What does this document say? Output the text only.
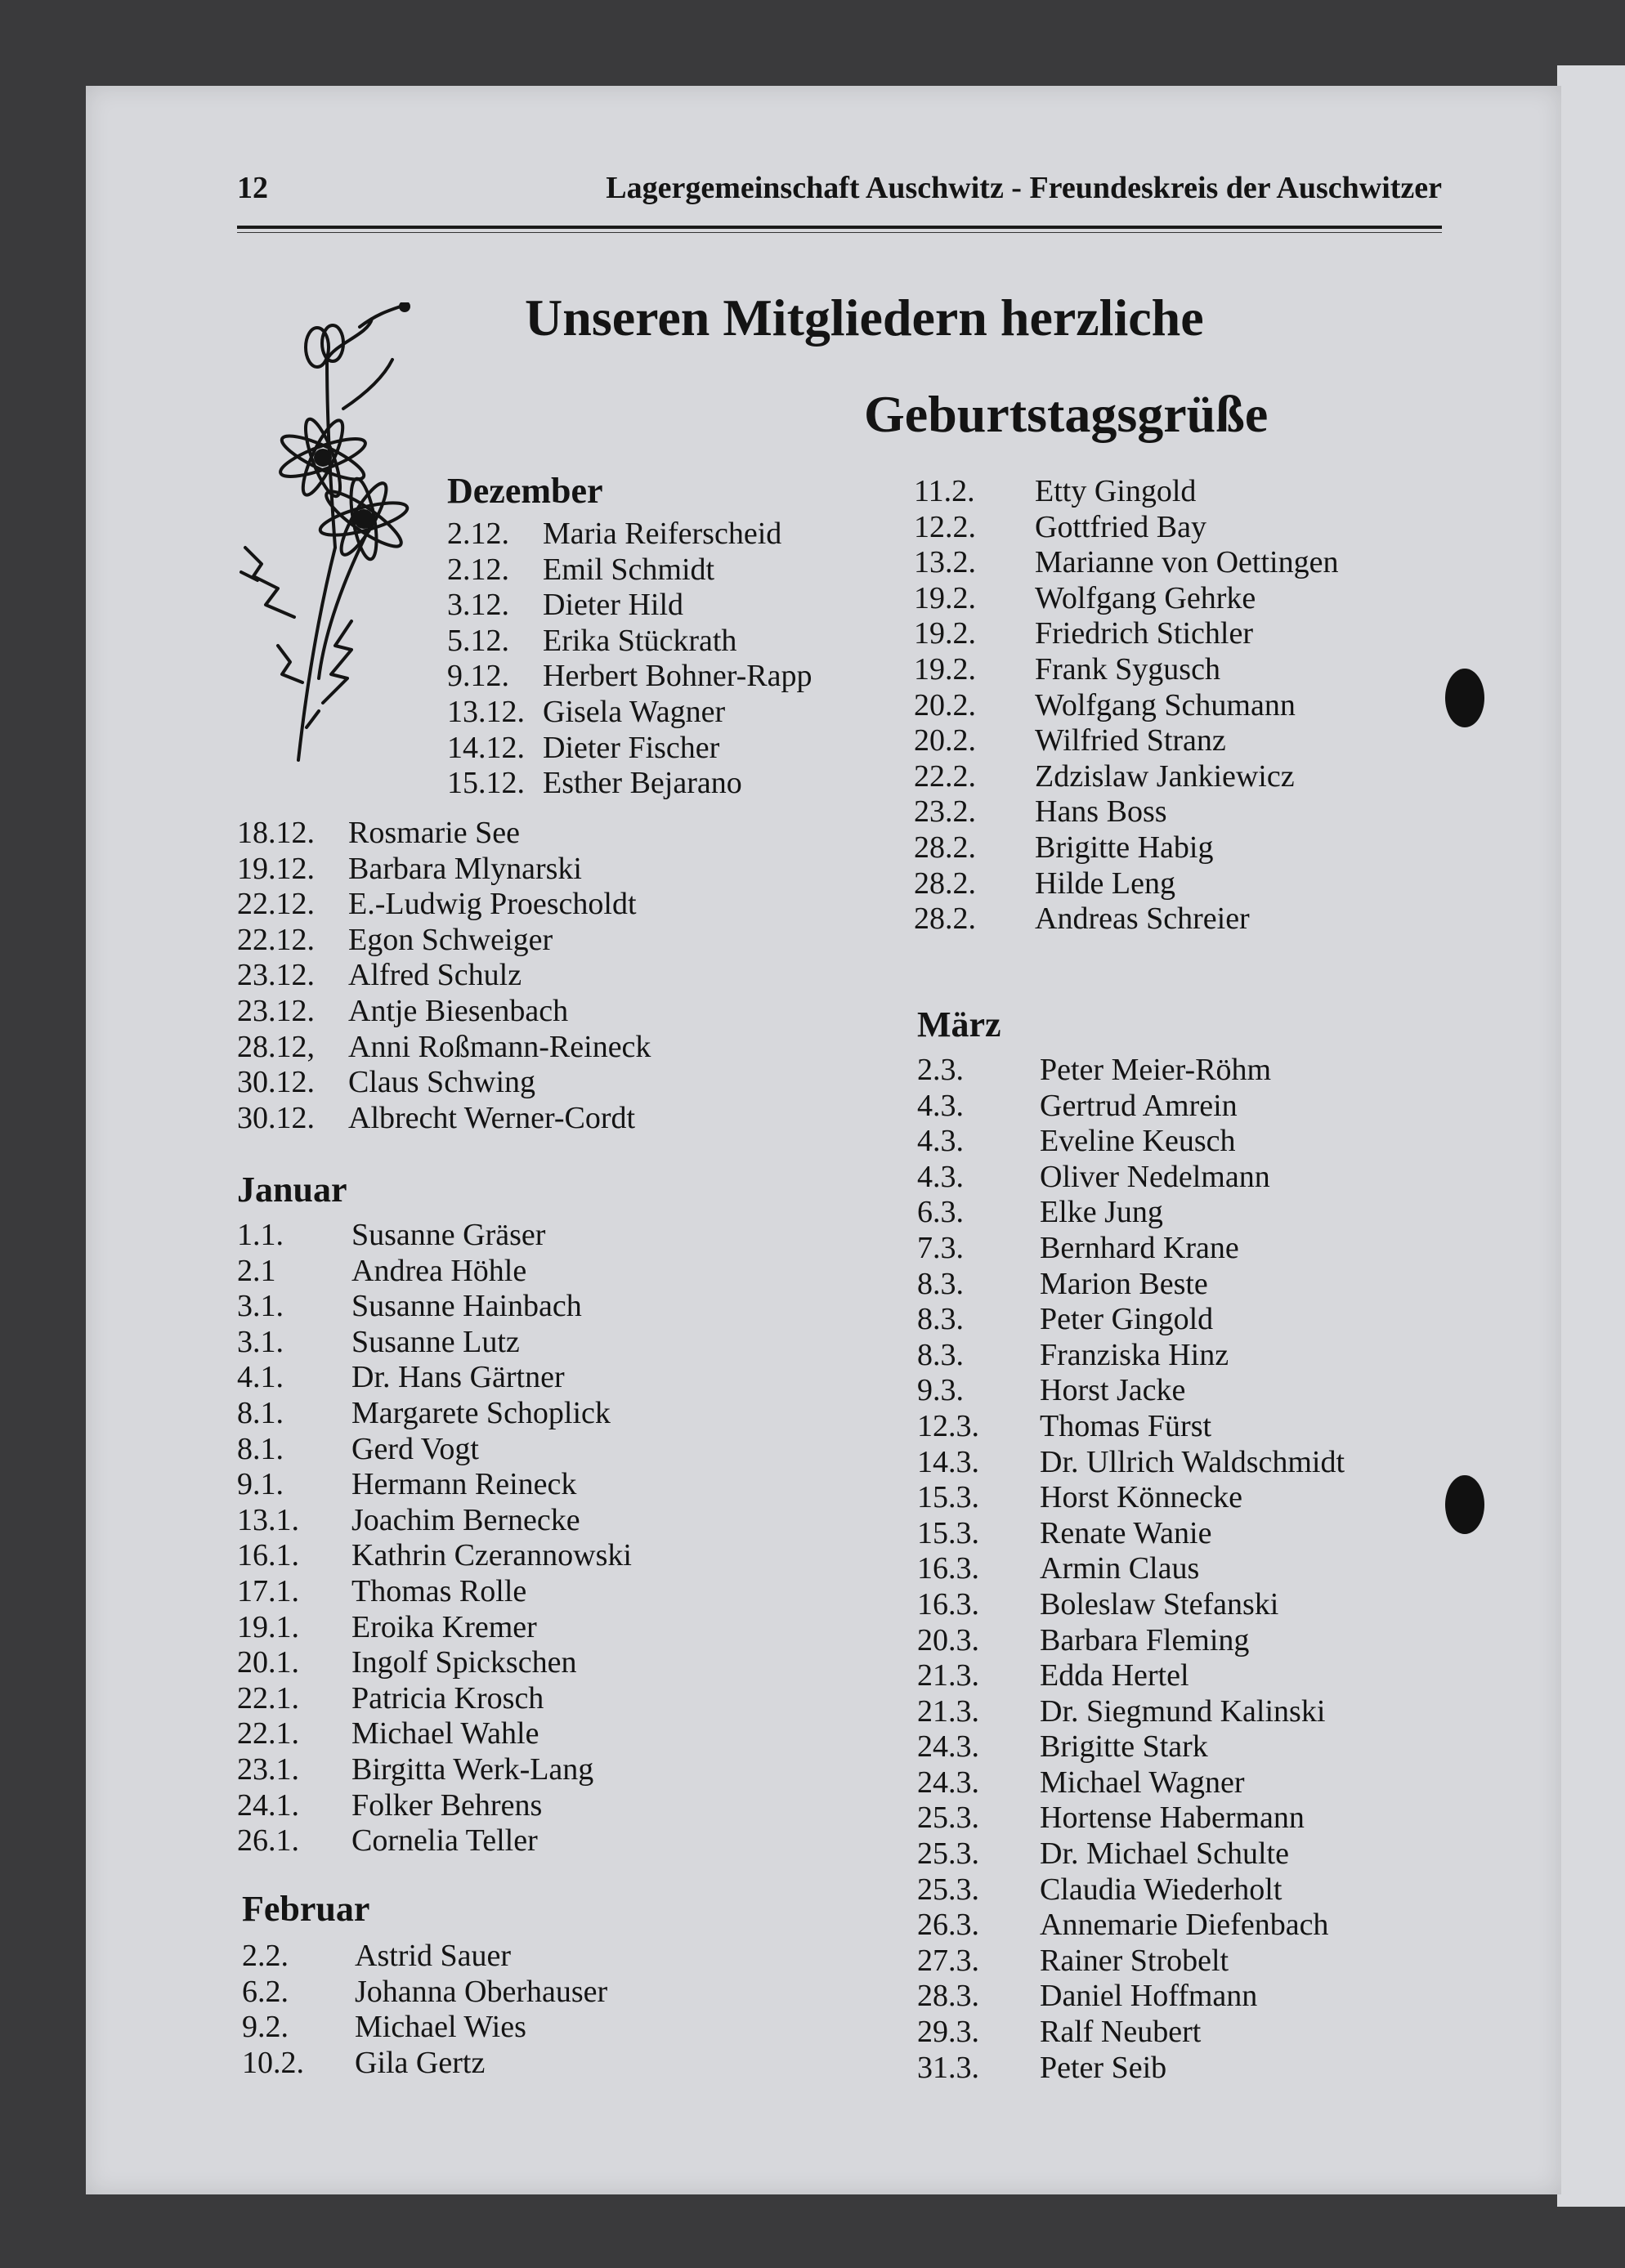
12	Lagergemeinschaft Auschwitz - Freundeskreis der Auschwitzer
Unseren Mitgliedern herzliche
Geburtstagsgrüße
Dezember
2.12. Maria Reiferscheid
2.12. Emil Schmidt
3.12. Dieter Hild
5.12. Erika Stückrath
9.12. Herbert Bohner-Rapp
13.12. Gisela Wagner
14.12. Dieter Fischer
15.12. Esther Bejarano
18.12. Rosmarie See
19.12. Barbara Mlynarski
22.12. E.-Ludwig Proescholdt
22.12. Egon Schweiger
23.12. Alfred Schulz
23.12. Antje Biesenbach
28.12, Anni Roßmann-Reineck
30.12. Claus Schwing
30.12. Albrecht Werner-Cordt
Januar
1.1. Susanne Gräser
2.1 Andrea Höhle
3.1. Susanne Hainbach
3.1. Susanne Lutz
4.1. Dr. Hans Gärtner
8.1. Margarete Schoplick
8.1. Gerd Vogt
9.1. Hermann Reineck
13.1. Joachim Bernecke
16.1. Kathrin Czerannowski
17.1. Thomas Rolle
19.1. Eroika Kremer
20.1. Ingolf Spickschen
22.1. Patricia Krosch
22.1. Michael Wahle
23.1. Birgitta Werk-Lang
24.1. Folker Behrens
26.1. Cornelia Teller
Februar
2.2. Astrid Sauer
6.2. Johanna Oberhauser
9.2. Michael Wies
10.2. Gila Gertz
11.2. Etty Gingold
12.2. Gottfried Bay
13.2. Marianne von Oettingen
19.2. Wolfgang Gehrke
19.2. Friedrich Stichler
19.2. Frank Sygusch
20.2. Wolfgang Schumann
20.2. Wilfried Stranz
22.2. Zdzislaw Jankiewicz
23.2. Hans Boss
28.2. Brigitte Habig
28.2. Hilde Leng
28.2. Andreas Schreier
März
2.3. Peter Meier-Röhm
4.3. Gertrud Amrein
4.3. Eveline Keusch
4.3. Oliver Nedelmann
6.3. Elke Jung
7.3. Bernhard Krane
8.3. Marion Beste
8.3. Peter Gingold
8.3. Franziska Hinz
9.3. Horst Jacke
12.3. Thomas Fürst
14.3. Dr. Ullrich Waldschmidt
15.3. Horst Könnecke
15.3. Renate Wanie
16.3. Armin Claus
16.3. Boleslaw Stefanski
20.3. Barbara Fleming
21.3. Edda Hertel
21.3. Dr. Siegmund Kalinski
24.3. Brigitte Stark
24.3. Michael Wagner
25.3. Hortense Habermann
25.3. Dr. Michael Schulte
25.3. Claudia Wiederholt
26.3. Annemarie Diefenbach
27.3. Rainer Strobelt
28.3. Daniel Hoffmann
29.3. Ralf Neubert
31.3. Peter Seib
